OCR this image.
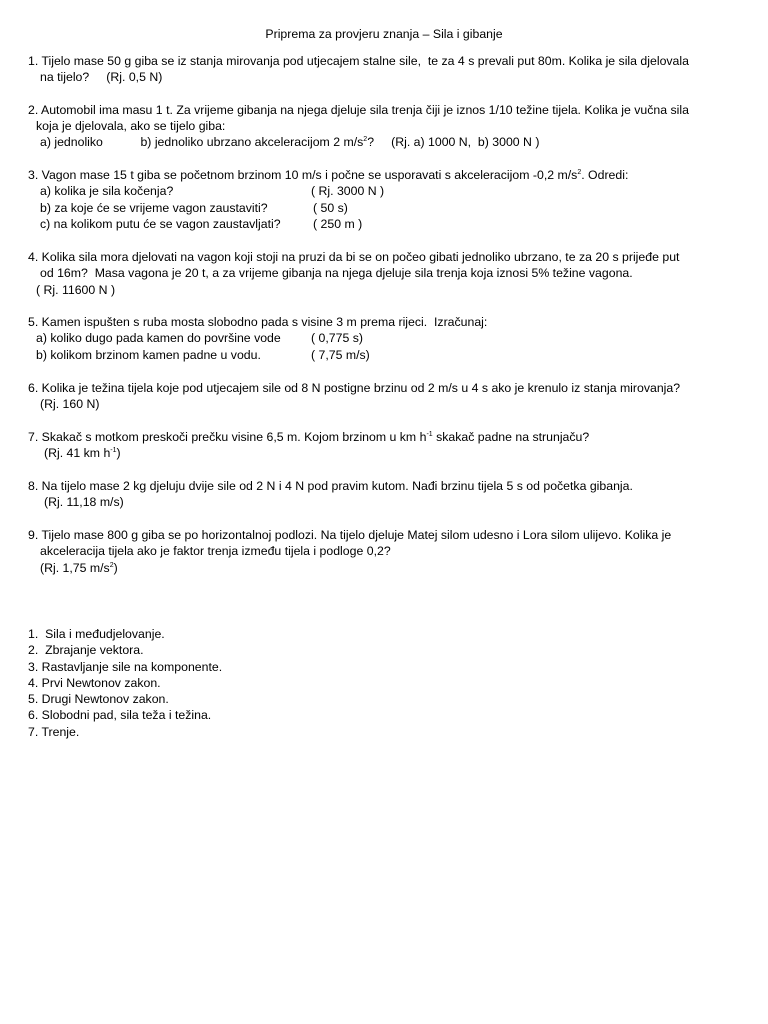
Priprema za provjeru znanja – Sila i gibanje
1. Tijelo mase 50 g giba se iz stanja mirovanja pod utjecajem stalne sile,  te za 4 s prevali put 80m. Kolika je sila djelovala
na tijelo?     (Rj. 0,5 N)
2. Automobil ima masu 1 t. Za vrijeme gibanja na njega djeluje sila trenja čiji je iznos 1/10 težine tijela. Kolika je vučna sila
koja je djelovala, ako se tijelo giba:
a) jednoliko           b) jednoliko ubrzano akceleracijom 2 $m/s^2$?     (Rj. a) 1000 N,  b) 3000 N )
3. Vagon mase 15 t giba se početnom brzinom 10 m/s i počne se usporavati s akceleracijom -0,2 $m/s^2$. Odredi:
a) kolika je sila kočenja?	( Rj. 3000 N )
b) za koje će se vrijeme vagon zaustaviti?	( 50 s)
c) na kolikom putu će se vagon zaustavljati?	( 250 m )
4. Kolika sila mora djelovati na vagon koji stoji na pruzi da bi se on počeo gibati jednoliko ubrzano, te za 20 s prijeđe put
od 16m?  Masa vagona je 20 t, a za vrijeme gibanja na njega djeluje sila trenja koja iznosi 5% težine vagona.
( Rj. 11600 N )
5. Kamen ispušten s ruba mosta slobodno pada s visine 3 m prema rijeci.  Izračunaj:
a) koliko dugo pada kamen do površine vode ( 0,775 s)
b) kolikom brzinom kamen padne u vodu.	( 7,75 m/s)
6. Kolika je težina tijela koje pod utjecajem sile od 8 N postigne brzinu od 2 m/s u 4 s ako je krenulo iz stanja mirovanja?
(Rj. 160 N)
7. Skakač s motkom preskoči prečku visine 6,5 m. Kojom brzinom u km $h^{-1}$ skakač padne na strunjaču?
(Rj. 41 km $h^{-1}$)
8. Na tijelo mase 2 kg djeluju dvije sile od 2 N i 4 N pod pravim kutom. Nađi brzinu tijela 5 s od početka gibanja.
(Rj. 11,18 m/s)
9. Tijelo mase 800 g giba se po horizontalnoj podlozi. Na tijelo djeluje Matej silom udesno i Lora silom ulijevo. Kolika je
akceleracija tijela ako je faktor trenja između tijela i podloge 0,2?
(Rj. 1,75 $m/s^2$)
1.  Sila i međudjelovanje.
2.  Zbrajanje vektora.
3. Rastavljanje sile na komponente.
4. Prvi Newtonov zakon.
5. Drugi Newtonov zakon.
6. Slobodni pad, sila teža i težina.
7. Trenje.
